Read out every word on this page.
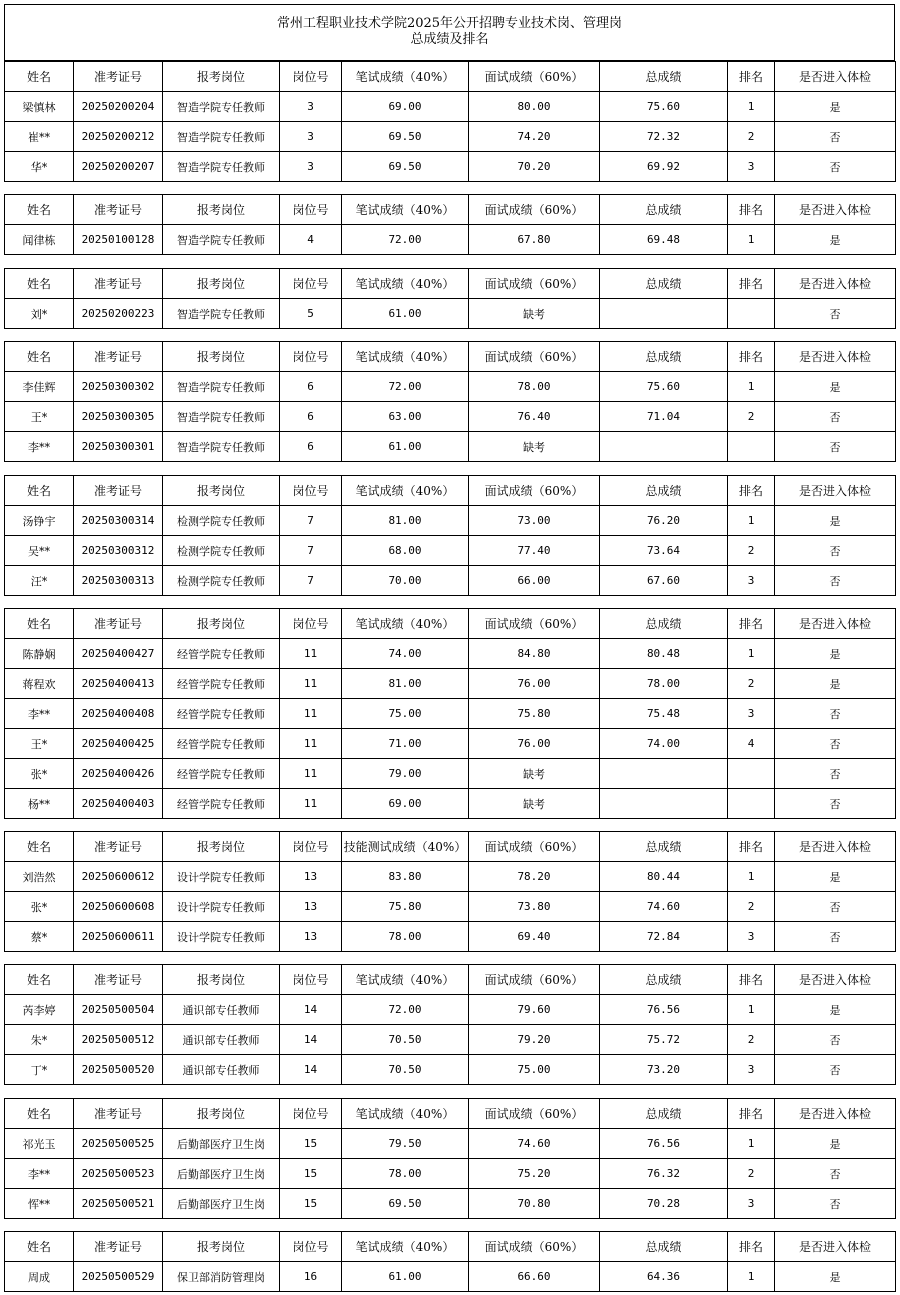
常州工程职业技术学院2025年公开招聘专业技术岗、管理岗
总成绩及排名
姓名	准考证号	报考岗位	岗位号	笔试成绩（40%）	面试成绩（60%）	总成绩	排名	是否进入体检
梁慎林	20250200204	智造学院专任教师	3	69.00	80.00	75.60	1	是
崔**	20250200212	智造学院专任教师	3	69.50	74.20	72.32	2	否
华*	20250200207	智造学院专任教师	3	69.50	70.20	69.92	3	否
姓名	准考证号	报考岗位	岗位号	笔试成绩（40%）	面试成绩（60%）	总成绩	排名	是否进入体检
闻律栋	20250100128	智造学院专任教师	4	72.00	67.80	69.48	1	是
姓名	准考证号	报考岗位	岗位号	笔试成绩（40%）	面试成绩（60%）	总成绩	排名	是否进入体检
刘*	20250200223	智造学院专任教师	5	61.00	缺考			否
姓名	准考证号	报考岗位	岗位号	笔试成绩（40%）	面试成绩（60%）	总成绩	排名	是否进入体检
李佳辉	20250300302	智造学院专任教师	6	72.00	78.00	75.60	1	是
王*	20250300305	智造学院专任教师	6	63.00	76.40	71.04	2	否
李**	20250300301	智造学院专任教师	6	61.00	缺考			否
姓名	准考证号	报考岗位	岗位号	笔试成绩（40%）	面试成绩（60%）	总成绩	排名	是否进入体检
汤铮宇	20250300314	检测学院专任教师	7	81.00	73.00	76.20	1	是
吴**	20250300312	检测学院专任教师	7	68.00	77.40	73.64	2	否
汪*	20250300313	检测学院专任教师	7	70.00	66.00	67.60	3	否
姓名	准考证号	报考岗位	岗位号	笔试成绩（40%）	面试成绩（60%）	总成绩	排名	是否进入体检
陈静娴	20250400427	经管学院专任教师	11	74.00	84.80	80.48	1	是
蒋程欢	20250400413	经管学院专任教师	11	81.00	76.00	78.00	2	是
李**	20250400408	经管学院专任教师	11	75.00	75.80	75.48	3	否
王*	20250400425	经管学院专任教师	11	71.00	76.00	74.00	4	否
张*	20250400426	经管学院专任教师	11	79.00	缺考			否
杨**	20250400403	经管学院专任教师	11	69.00	缺考			否
姓名	准考证号	报考岗位	岗位号	技能测试成绩（40%）	面试成绩（60%）	总成绩	排名	是否进入体检
刘浩然	20250600612	设计学院专任教师	13	83.80	78.20	80.44	1	是
张*	20250600608	设计学院专任教师	13	75.80	73.80	74.60	2	否
蔡*	20250600611	设计学院专任教师	13	78.00	69.40	72.84	3	否
姓名	准考证号	报考岗位	岗位号	笔试成绩（40%）	面试成绩（60%）	总成绩	排名	是否进入体检
芮李婷	20250500504	通识部专任教师	14	72.00	79.60	76.56	1	是
朱*	20250500512	通识部专任教师	14	70.50	79.20	75.72	2	否
丁*	20250500520	通识部专任教师	14	70.50	75.00	73.20	3	否
姓名	准考证号	报考岗位	岗位号	笔试成绩（40%）	面试成绩（60%）	总成绩	排名	是否进入体检
祁光玉	20250500525	后勤部医疗卫生岗	15	79.50	74.60	76.56	1	是
李**	20250500523	后勤部医疗卫生岗	15	78.00	75.20	76.32	2	否
恽**	20250500521	后勤部医疗卫生岗	15	69.50	70.80	70.28	3	否
姓名	准考证号	报考岗位	岗位号	笔试成绩（40%）	面试成绩（60%）	总成绩	排名	是否进入体检
周成	20250500529	保卫部消防管理岗	16	61.00	66.60	64.36	1	是
